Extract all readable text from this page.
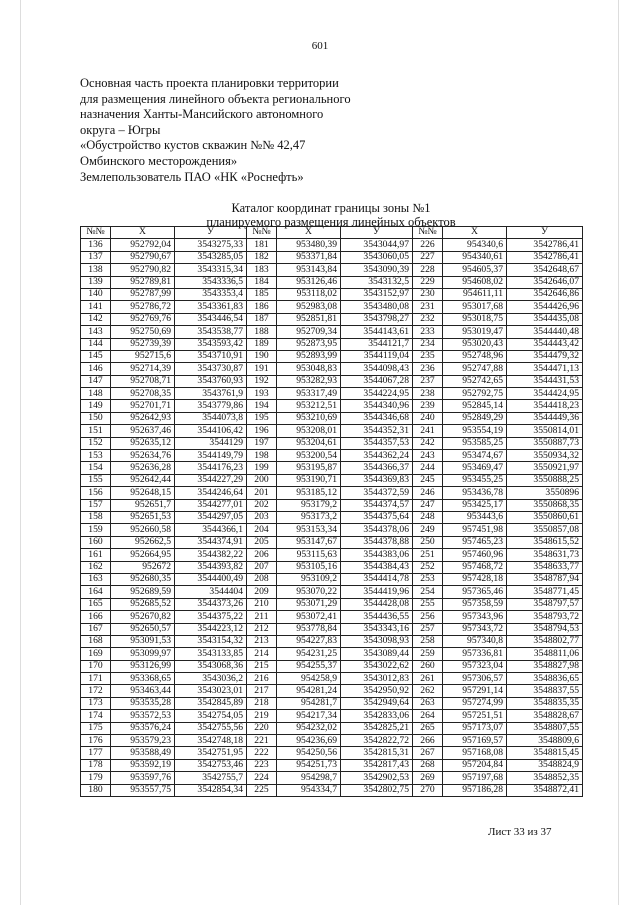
601
Основная часть проекта планировки территории
для размещения линейного объекта регионального
назначения Ханты-Мансийского автономного
округа – Югры
«Обустройство кустов скважин №№ 42,47
Омбинского месторождения»
Землепользователь ПАО «НК «Роснефть»
Каталог координат границы зоны №1
планируемого размещения линейных объектов
№№	X	У	№№	X	У	№№	X	У
136	952792,04	3543275,33	181	953480,39	3543044,97	226	954340,6	3542786,41
137	952790,67	3543285,05	182	953371,84	3543060,05	227	954340,61	3542786,41
138	952790,82	3543315,34	183	953143,84	3543090,39	228	954605,37	3542648,67
139	952789,81	3543336,5	184	953126,46	3543132,5	229	954608,02	3542646,07
140	952787,99	3543353,4	185	953118,02	3543152,97	230	954611,11	3542646,86
141	952786,72	3543361,83	186	952983,08	3543480,08	231	953017,68	3544426,96
142	952769,76	3543446,54	187	952851,81	3543798,27	232	953018,75	3544435,08
143	952750,69	3543538,77	188	952709,34	3544143,61	233	953019,47	3544440,48
144	952739,39	3543593,42	189	952873,95	3544121,7	234	953020,43	3544443,42
145	952715,6	3543710,91	190	952893,99	3544119,04	235	952748,96	3544479,32
146	952714,39	3543730,87	191	953048,83	3544098,43	236	952747,88	3544471,13
147	952708,71	3543760,93	192	953282,93	3544067,28	237	952742,65	3544431,53
148	952708,35	3543761,9	193	953317,49	3544224,95	238	952792,75	3544424,95
149	952701,71	3543779,86	194	953212,51	3544340,96	239	952845,14	3544418,23
150	952642,93	3544073,8	195	953210,69	3544346,68	240	952849,29	3544449,36
151	952637,46	3544106,42	196	953208,01	3544352,31	241	953554,19	3550814,01
152	952635,12	3544129	197	953204,61	3544357,53	242	953585,25	3550887,73
153	952634,76	3544149,79	198	953200,54	3544362,24	243	953474,67	3550934,32
154	952636,28	3544176,23	199	953195,87	3544366,37	244	953469,47	3550921,97
155	952642,44	3544227,29	200	953190,71	3544369,83	245	953455,25	3550888,25
156	952648,15	3544246,64	201	953185,12	3544372,59	246	953436,78	3550896
157	952651,7	3544277,01	202	953179,2	3544374,57	247	953425,17	3550868,35
158	952651,53	3544297,05	203	953173,2	3544375,64	248	953443,6	3550860,61
159	952660,58	3544366,1	204	953153,34	3544378,06	249	957451,98	3550857,08
160	952662,5	3544374,91	205	953147,67	3544378,88	250	957465,23	3548615,52
161	952664,95	3544382,22	206	953115,63	3544383,06	251	957460,96	3548631,73
162	952672	3544393,82	207	953105,16	3544384,43	252	957468,72	3548633,77
163	952680,35	3544400,49	208	953109,2	3544414,78	253	957428,18	3548787,94
164	952689,59	3544404	209	953070,22	3544419,96	254	957365,46	3548771,45
165	952685,52	3544373,26	210	953071,29	3544428,08	255	957358,59	3548797,57
166	952670,82	3544375,22	211	953072,41	3544436,55	256	957343,96	3548793,72
167	952650,57	3544223,12	212	953778,84	3543343,16	257	957343,72	3548794,53
168	953091,53	3543154,32	213	954227,83	3543098,93	258	957340,8	3548802,77
169	953099,97	3543133,85	214	954231,25	3543089,44	259	957336,81	3548811,06
170	953126,99	3543068,36	215	954255,37	3543022,62	260	957323,04	3548827,98
171	953368,65	3543036,2	216	954258,9	3543012,83	261	957306,57	3548836,65
172	953463,44	3543023,01	217	954281,24	3542950,92	262	957291,14	3548837,55
173	953535,28	3542845,89	218	954281,7	3542949,64	263	957274,99	3548835,35
174	953572,53	3542754,05	219	954217,34	3542833,06	264	957251,51	3548828,67
175	953576,24	3542755,56	220	954232,02	3542825,21	265	957173,07	3548807,55
176	953579,23	3542748,18	221	954236,69	3542822,72	266	957169,57	3548809,6
177	953588,49	3542751,95	222	954250,56	3542815,31	267	957168,08	3548815,45
178	953592,19	3542753,46	223	954251,73	3542817,43	268	957204,84	3548824,9
179	953597,76	3542755,7	224	954298,7	3542902,53	269	957197,68	3548852,35
180	953557,75	3542854,34	225	954334,7	3542802,75	270	957186,28	3548872,41
Лист 33 из 37
